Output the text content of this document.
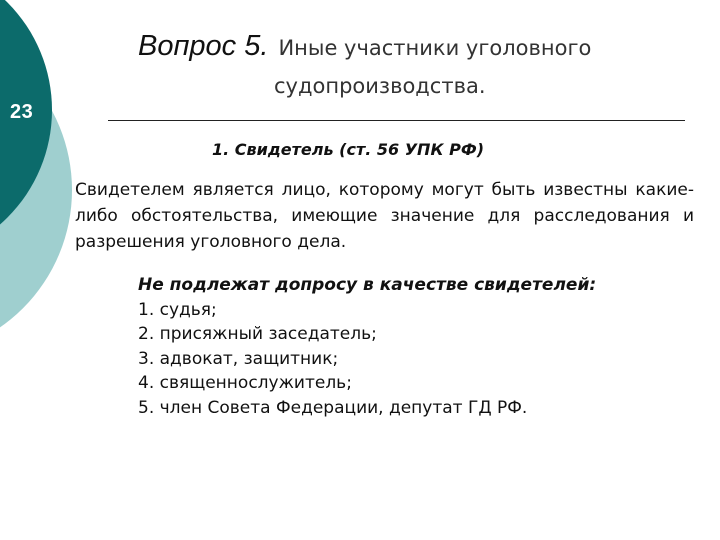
23
Вопрос 5. Иные участники уголовного
судопроизводства.
1. Свидетель (ст. 56 УПК РФ)

Свидетелем является лицо, которому могут быть известны какие-либо обстоятельства, имеющие значение для расследования и разрешения уголовного дела.

Не подлежат допросу в качестве свидетелей:
1. судья;
2. присяжный заседатель;
3. адвокат, защитник;
4. священнослужитель;
5. член Совета Федерации, депутат ГД РФ.
